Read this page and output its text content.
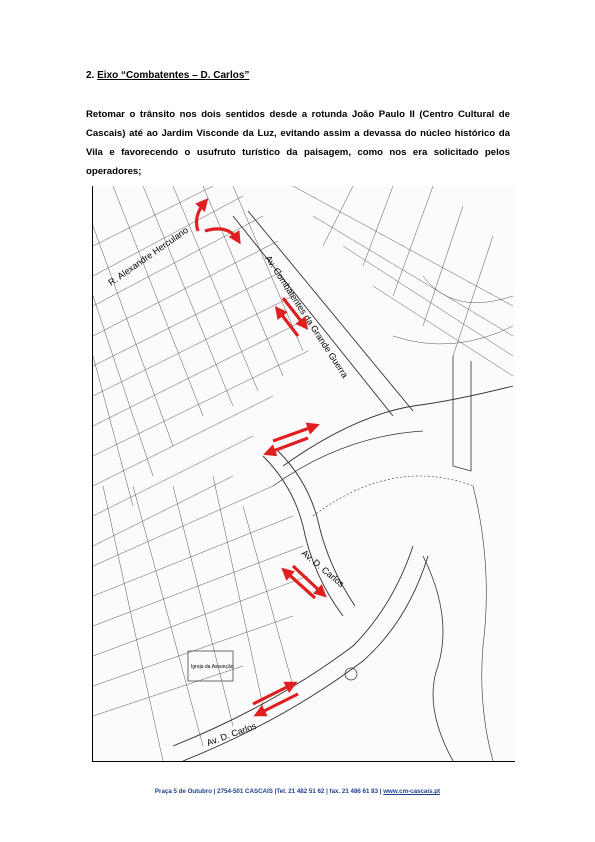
2. Eixo “Combatentes – D. Carlos”
Retomar o trânsito nos dois sentidos desde a rotunda João Paulo II (Centro Cultural de Cascais) até ao Jardim Visconde da Luz, evitando assim a devassa do núcleo histórico da Vila e favorecendo o usufruto turístico da paisagem, como nos era solicitado pelos operadores;
R. Alexandre Herculano	Av. Combatentes da Grande Guerra
Av. D. Carlos
Av. D. Carlos
Igreja da Assunção
Praça 5 de Outubro | 2754-501 CASCAIS |Tel. 21 482 51 62 | fax. 21 486 61 83 | www.cm-cascais.pt
